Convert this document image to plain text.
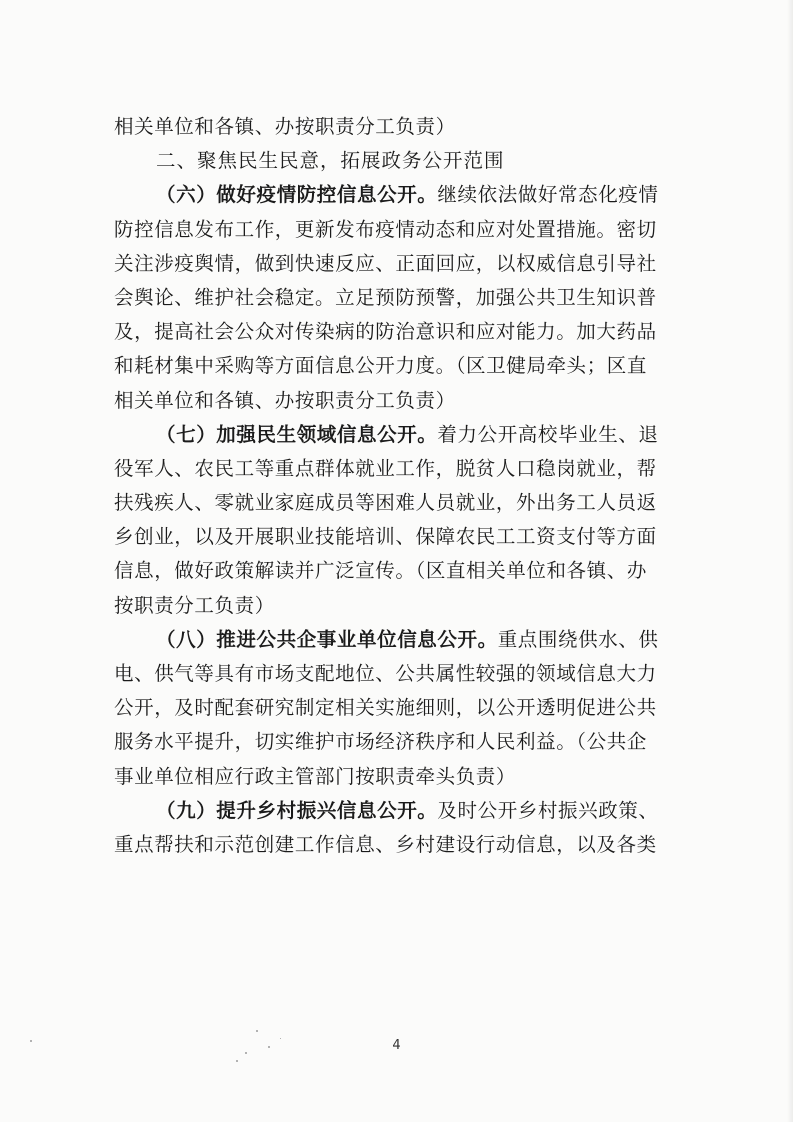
相关单位和各镇、办按职责分工负责）
二、聚焦民生民意，拓展政务公开范围
（六）做好疫情防控信息公开。继续依法做好常态化疫情
防控信息发布工作，更新发布疫情动态和应对处置措施。密切
关注涉疫舆情，做到快速反应、正面回应，以权威信息引导社
会舆论、维护社会稳定。立足预防预警，加强公共卫生知识普
及，提高社会公众对传染病的防治意识和应对能力。加大药品
和耗材集中采购等方面信息公开力度。（区卫健局牵头；区直
相关单位和各镇、办按职责分工负责）
（七）加强民生领域信息公开。着力公开高校毕业生、退
役军人、农民工等重点群体就业工作，脱贫人口稳岗就业，帮
扶残疾人、零就业家庭成员等困难人员就业，外出务工人员返
乡创业，以及开展职业技能培训、保障农民工工资支付等方面
信息，做好政策解读并广泛宣传。（区直相关单位和各镇、办
按职责分工负责）
（八）推进公共企事业单位信息公开。重点围绕供水、供
电、供气等具有市场支配地位、公共属性较强的领域信息大力
公开，及时配套研究制定相关实施细则，以公开透明促进公共
服务水平提升，切实维护市场经济秩序和人民利益。（公共企
事业单位相应行政主管部门按职责牵头负责）
（九）提升乡村振兴信息公开。及时公开乡村振兴政策、
重点帮扶和示范创建工作信息、乡村建设行动信息，以及各类
4
